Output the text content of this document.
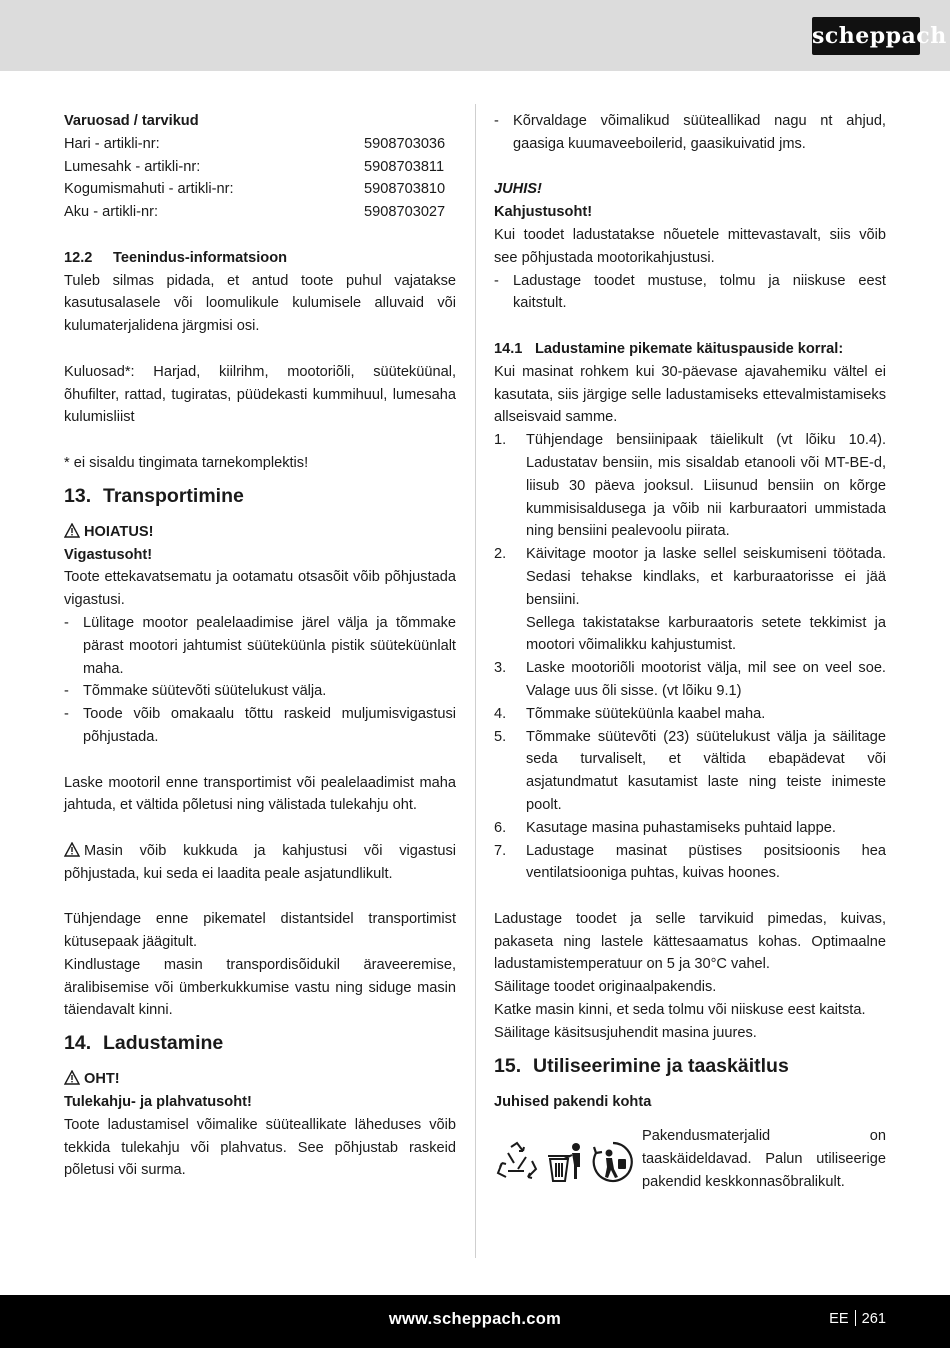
scheppach

Varuosad / tarvikud

Hari - artikli-nr:	5908703036
Lumesahk - artikli-nr:	5908703811
Kogumismahuti - artikli-nr:	5908703810
Aku - artikli-nr:	5908703027

12.2 Teenindus-informatsioon

Tuleb silmas pidada, et antud toote puhul vajatakse kasutusalasele või loomulikule kulumisele alluvaid või kulumaterjalidena järgmisi osi.

Kuluosad*: Harjad, kiilrihm, mootoriõli, süüteküünal, õhufilter, rattad, tugiratas, püüdekasti kummihuul, lumesaha kulumisliist

* ei sisaldu tingimata tarnekomplektis!

13. Transportimine

HOIATUS!

Vigastusoht!

Toote ettekavatsematu ja ootamatu otsasõit võib põhjustada vigastusi.

- Lülitage mootor pealelaadimise järel välja ja tõmmake pärast mootori jahtumist süüteküünla pistik süüteküünlalt maha.

- Tõmmake süütevõti süütelukust välja.

- Toode võib omakaalu tõttu raskeid muljumisvigastusi põhjustada.

Laske mootoril enne transportimist või pealelaadimist maha jahtuda, et vältida põletusi ning välistada tulekahju oht.

Masin võib kukkuda ja kahjustusi või vigastusi põhjustada, kui seda ei laadita peale asjatundlikult.

Tühjendage enne pikematel distantsidel transportimist kütusepaak jäägitult.

Kindlustage masin transpordisõidukil äraveeremise, äralibisemise või ümberkukkumise vastu ning siduge masin täiendavalt kinni.

14. Ladustamine

OHT!

Tulekahju- ja plahvatusoht!

Toote ladustamisel võimalike süüteallikate läheduses võib tekkida tulekahju või plahvatus. See põhjustab raskeid põletusi või surma.

- Kõrvaldage võimalikud süüteallikad nagu nt ahjud, gaasiga kuumaveeboilerid, gaasikuivatid jms.

JUHIS!

Kahjustusoht!

Kui toodet ladustatakse nõuetele mittevastavalt, siis võib see põhjustada mootorikahjustusi.

- Ladustage toodet mustuse, tolmu ja niiskuse eest kaitstult.

14.1 Ladustamine pikemate käituspauside korral:

Kui masinat rohkem kui 30-päevase ajavahemiku vältel ei kasutata, siis järgige selle ladustamiseks ettevalmistamiseks allseisvaid samme.

1. Tühjendage bensiinipaak täielikult (vt lõiku 10.4). Ladustatav bensiin, mis sisaldab etanooli või MT-BE-d, liisub 30 päeva jooksul. Liisunud bensiin on kõrge kummisisaldusega ja võib nii karburaatori ummistada ning bensiini pealevoolu piirata.

2. Käivitage mootor ja laske sellel seiskumiseni töötada. Sedasi tehakse kindlaks, et karburaatorisse ei jää bensiini.

Sellega takistatakse karburaatoris setete tekkimist ja mootori võimalikku kahjustumist.

3. Laske mootoriõli mootorist välja, mil see on veel soe. Valage uus õli sisse. (vt lõiku 9.1)

4. Tõmmake süüteküünla kaabel maha.

5. Tõmmake süütevõti (23) süütelukust välja ja säilitage seda turvaliselt, et vältida ebapädevat või asjatundmatut kasutamist laste ning teiste inimeste poolt.

6. Kasutage masina puhastamiseks puhtaid lappe.

7. Ladustage masinat püstises positsioonis hea ventilatsiooniga puhtas, kuivas hoones.

Ladustage toodet ja selle tarvikuid pimedas, kuivas, pakaseta ning lastele kättesaamatus kohas. Optimaalne ladustamistemperatuur on 5 ja 30°C vahel.

Säilitage toodet originaalpakendis.

Katke masin kinni, et seda tolmu või niiskuse eest kaitsta.

Säilitage käsitsusjuhendit masina juures.

15. Utiliseerimine ja taaskäitlus

Juhised pakendi kohta

Pakendusmaterjalid on taaskäideldavad. Palun utiliseerige pakendid keskkonnasõbralikult.

www.scheppach.com	EE 261
